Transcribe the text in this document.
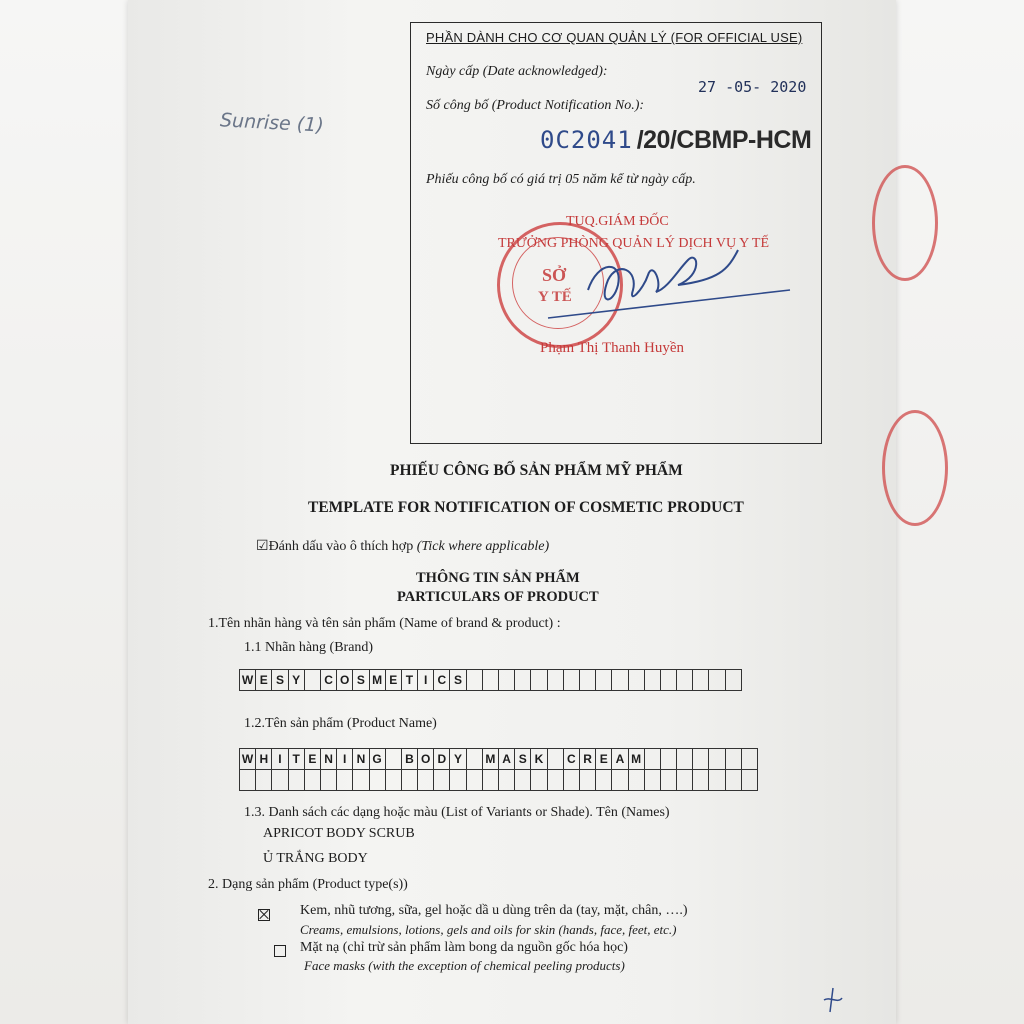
Sunrise (1)
PHẦN DÀNH CHO CƠ QUAN QUẢN LÝ (FOR OFFICIAL USE)
Ngày cấp (Date acknowledged):
27 -05- 2020
Số công bố (Product Notification No.):
0C2041 /20/CBMP-HCM
Phiếu công bố có giá trị 05 năm kể từ ngày cấp.
SỞ
Y TẾ
TUQ.GIÁM ĐỐC
TRƯỞNG PHÒNG QUẢN LÝ DỊCH VỤ Y TẾ
Phạm Thị Thanh Huyền
PHIẾU CÔNG BỐ SẢN PHẨM MỸ PHẨM
TEMPLATE FOR NOTIFICATION OF COSMETIC PRODUCT
☑Đánh dấu vào ô thích hợp (Tick where applicable)
THÔNG TIN SẢN PHẨM
PARTICULARS OF PRODUCT
1.Tên nhãn hàng và tên sản phẩm (Name of brand & product) :
1.1 Nhãn hàng (Brand)
W E S Y	C O S M E T I C S
1.2.Tên sản phẩm (Product Name)
W H I T E N I N G	B O D Y	M A S K	C R E A M
1.3. Danh sách các dạng hoặc màu (List of Variants or Shade). Tên (Names)
APRICOT BODY SCRUB
Ủ TRẮNG BODY
2. Dạng sản phẩm (Product type(s))

Kem, nhũ tương, sữa, gel hoặc dầ u dùng trên da (tay, mặt, chân, ….)
Creams, emulsions, lotions, gels and oils for skin (hands, face, feet, etc.)
Mặt nạ (chỉ trừ sản phẩm làm bong da nguồn gốc hóa học)
Face masks (with the exception of chemical peeling products)
